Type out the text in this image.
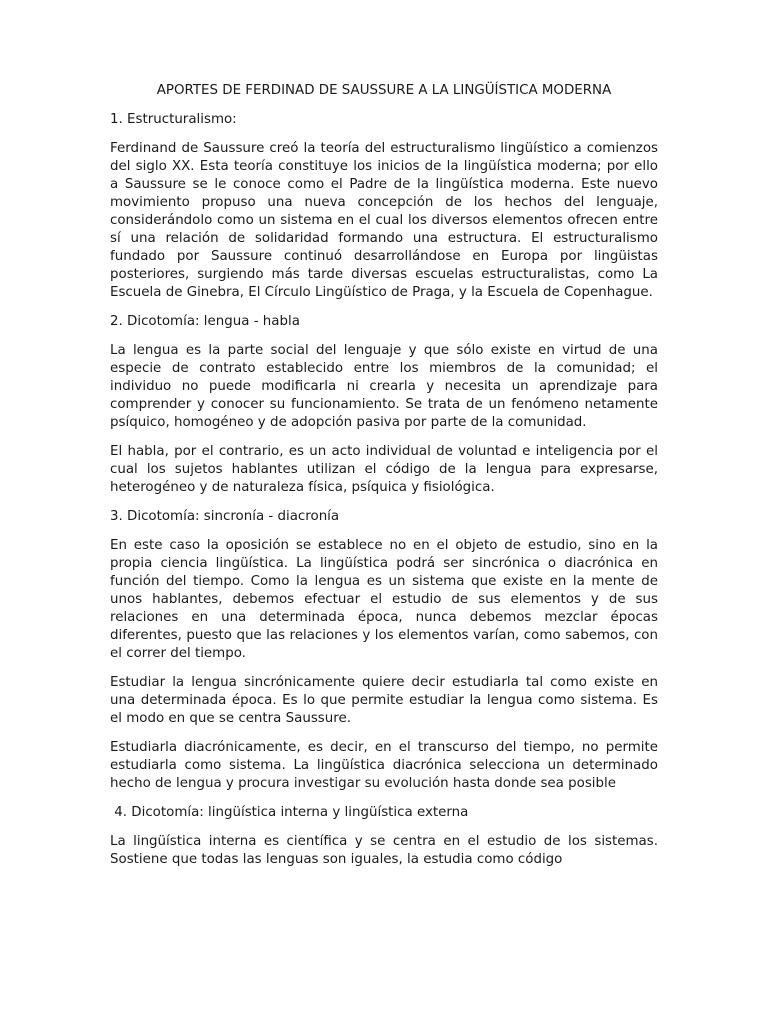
APORTES DE FERDINAD DE SAUSSURE A LA LINGÜÍSTICA MODERNA
1. Estructuralismo:
Ferdinand de Saussure creó la teoría del estructuralismo lingüístico a comienzos del siglo XX. Esta teoría constituye los inicios de la lingüística moderna; por ello a Saussure se le conoce como el Padre de la lingüística moderna. Este nuevo movimiento propuso una nueva concepción de los hechos del lenguaje, considerándolo como un sistema en el cual los diversos elementos ofrecen entre sí una relación de solidaridad formando una estructura. El estructuralismo fundado por Saussure continuó desarrollándose en Europa por lingüistas posteriores, surgiendo más tarde diversas escuelas estructuralistas, como La Escuela de Ginebra, El Círculo Lingüístico de Praga, y la Escuela de Copenhague.
2. Dicotomía: lengua - habla
La lengua es la parte social del lenguaje y que sólo existe en virtud de una especie de contrato establecido entre los miembros de la comunidad; el individuo no puede modificarla ni crearla y necesita un aprendizaje para comprender y conocer su funcionamiento. Se trata de un fenómeno netamente psíquico, homogéneo y de adopción pasiva por parte de la comunidad.
El habla, por el contrario, es un acto individual de voluntad e inteligencia por el cual los sujetos hablantes utilizan el código de la lengua para expresarse, heterogéneo y de naturaleza física, psíquica y fisiológica.
3. Dicotomía: sincronía - diacronía
En este caso la oposición se establece no en el objeto de estudio, sino en la propia ciencia lingüística. La lingüística podrá ser sincrónica o diacrónica en función del tiempo. Como la lengua es un sistema que existe en la mente de unos hablantes, debemos efectuar el estudio de sus elementos y de sus relaciones en una determinada época, nunca debemos mezclar épocas diferentes, puesto que las relaciones y los elementos varían, como sabemos, con el correr del tiempo.
Estudiar la lengua sincrónicamente quiere decir estudiarla tal como existe en una determinada época. Es lo que permite estudiar la lengua como sistema. Es el modo en que se centra Saussure.
Estudiarla diacrónicamente, es decir, en el transcurso del tiempo, no permite estudiarla como sistema. La lingüística diacrónica selecciona un determinado hecho de lengua y procura investigar su evolución hasta donde sea posible
4. Dicotomía: lingüística interna y lingüística externa
La lingüística interna es científica y se centra en el estudio de los sistemas. Sostiene que todas las lenguas son iguales, la estudia como código
